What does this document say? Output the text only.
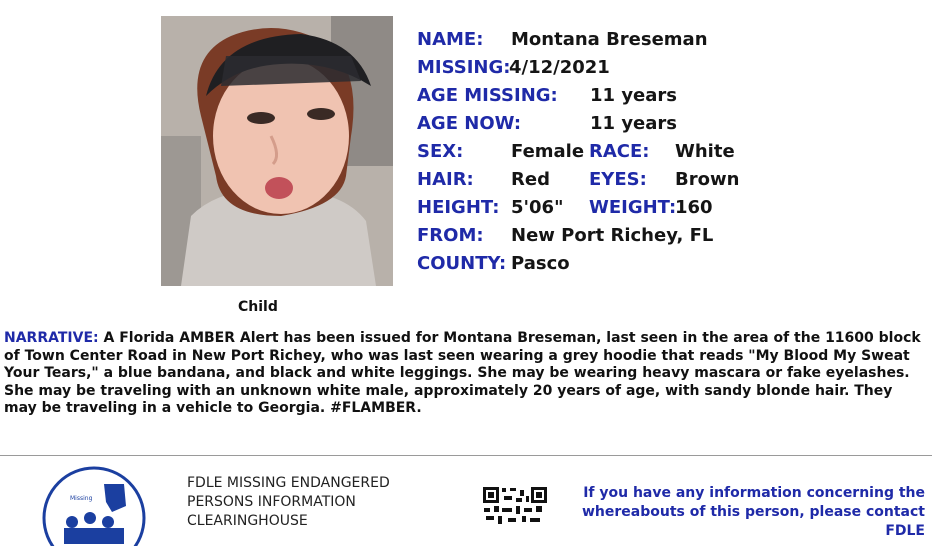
Child
NAME: Montana Breseman
MISSING:
4/12/2021
AGE MISSING: 11 years
AGE NOW:	11 years
SEX:	Female RACE: White
HAIR: Red EYES: Brown
HEIGHT: 5'06" WEIGHT:
160
FROM: New Port Richey, FL
COUNTY: Pasco
NARRATIVE: A Florida AMBER Alert has been issued for Montana Breseman, last seen in the area of the 11600 block of Town Center Road in New Port Richey, who was last seen wearing a grey hoodie that reads "My Blood My Sweat Your Tears," a blue bandana, and black and white leggings. She may be wearing heavy mascara or fake eyelashes. She may be traveling with an unknown white male, approximately 20 years of age, with sandy blonde hair. They may be traveling in a vehicle to Georgia. #FLAMBER.
Missing
FDLE MISSING ENDANGERED
PERSONS INFORMATION
CLEARINGHOUSE
If you have any information concerning the
whereabouts of this person, please contact FDLE
